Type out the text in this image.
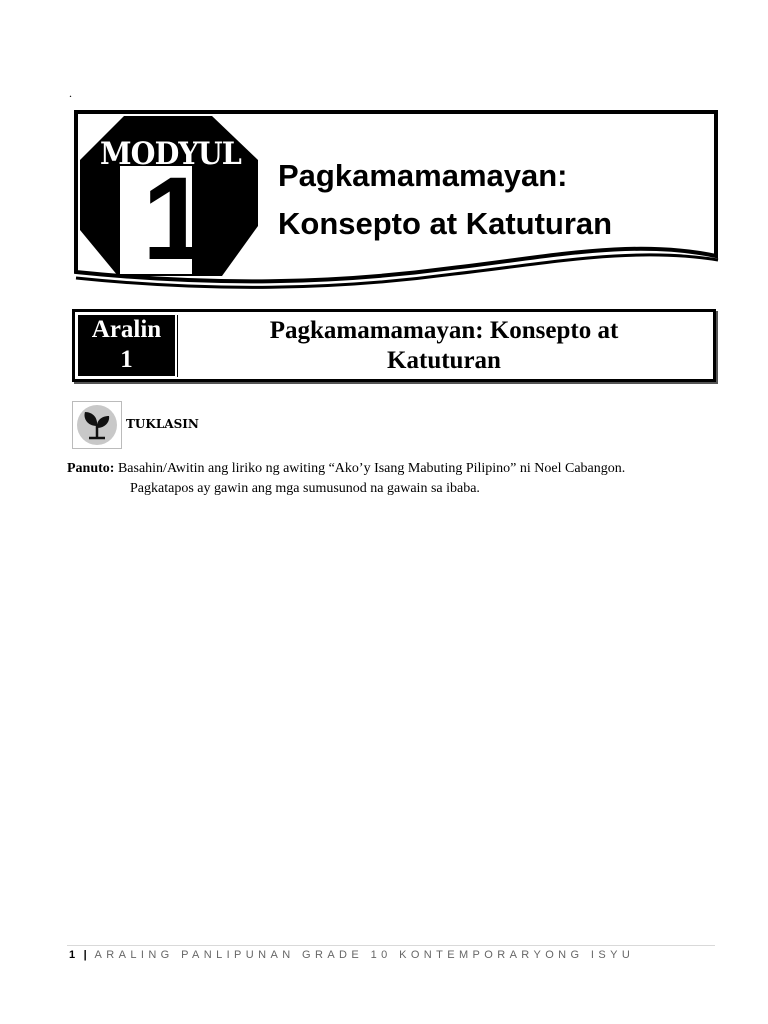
.
MODYUL
1	Pagkamamamayan:
Konsepto at Katuturan
Aralin
1
Pagkamamamayan: Konsepto at
Katuturan
TUKLASIN
Panuto: Basahin/Awitin ang liriko ng awiting “Ako’y Isang Mabuting Pilipino” ni Noel Cabangon.
Pagkatapos ay gawin ang mga sumusunod na gawain sa ibaba.
1 | ARALING PANLIPUNAN GRADE 10 KONTEMPORARYONG ISYU
